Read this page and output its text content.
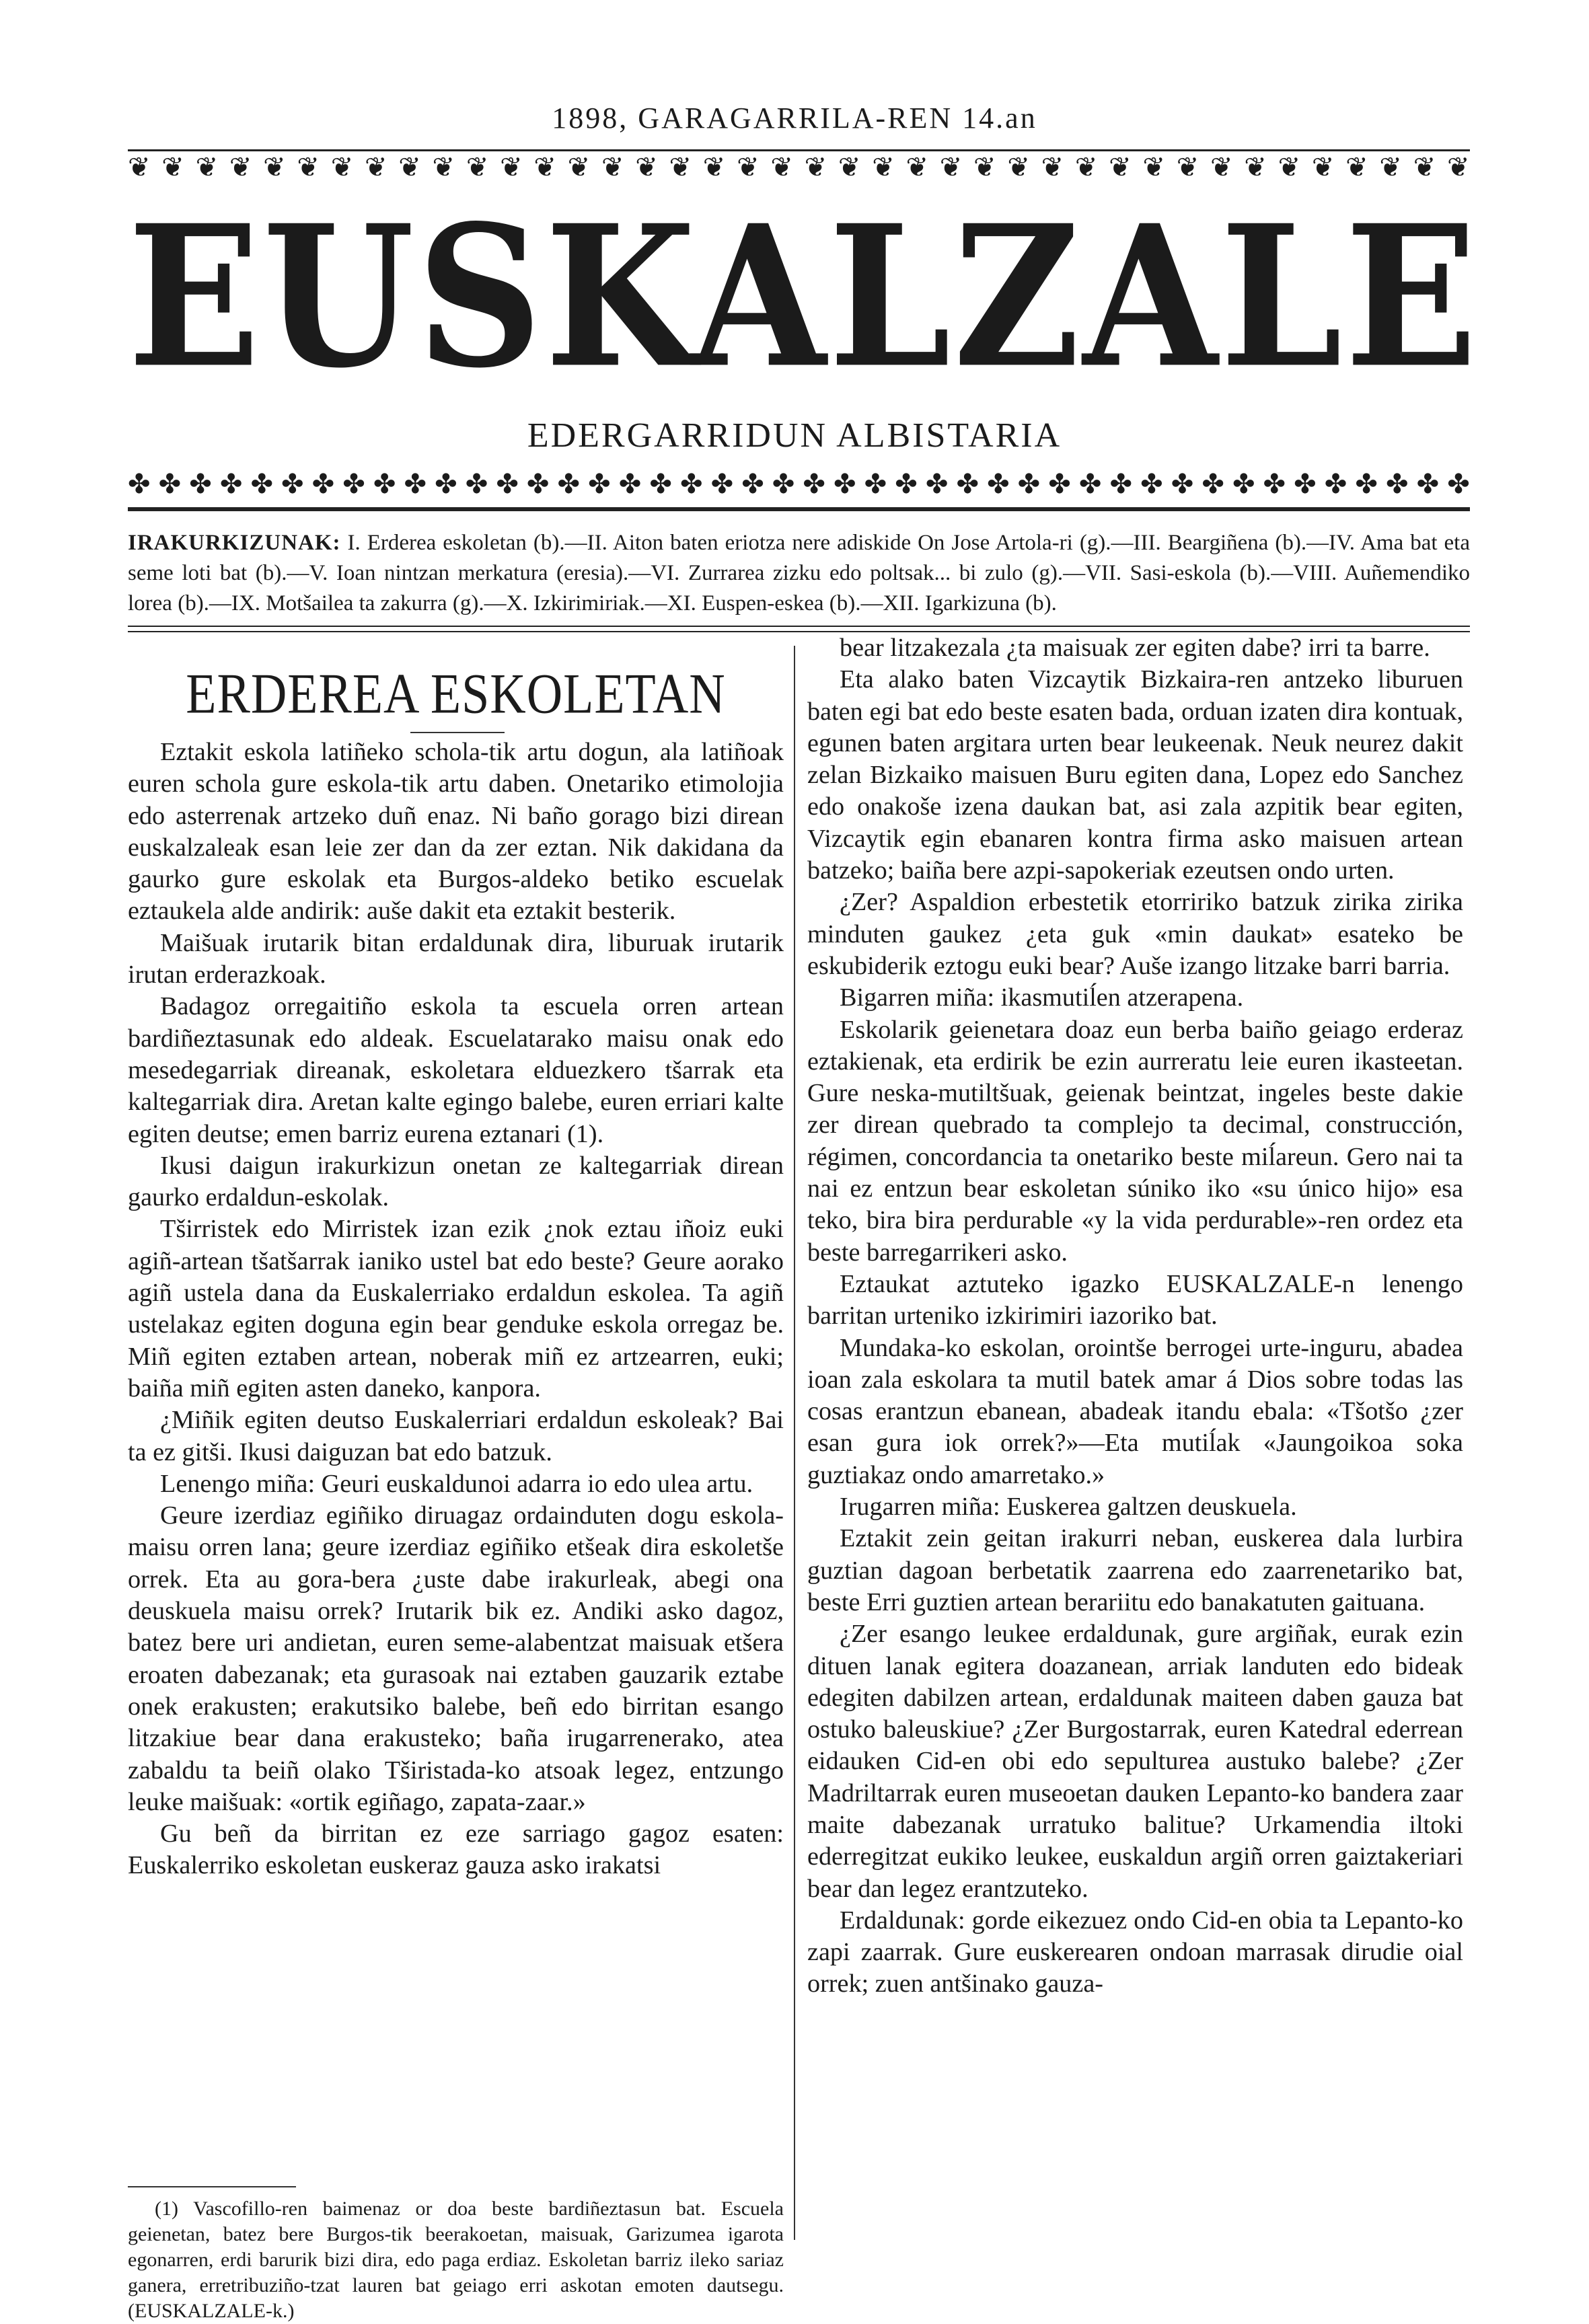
1898, GARAGARRILA-REN 14.an
❦ ❦ ❦ ❦ ❦ ❦ ❦ ❦ ❦ ❦ ❦ ❦ ❦ ❦ ❦ ❦ ❦ ❦ ❦ ❦ ❦ ❦ ❦ ❦ ❦ ❦ ❦ ❦ ❦ ❦ ❦ ❦ ❦ ❦ ❦ ❦ ❦ ❦ ❦ ❦
EUSKALZALE
EDERGARRIDUN ALBISTARIA
✤ ✤ ✤ ✤ ✤ ✤ ✤ ✤ ✤ ✤ ✤ ✤ ✤ ✤ ✤ ✤ ✤ ✤ ✤ ✤ ✤ ✤ ✤ ✤ ✤ ✤ ✤ ✤ ✤ ✤ ✤ ✤ ✤ ✤ ✤ ✤ ✤ ✤ ✤ ✤ ✤ ✤ ✤ ✤
IRAKURKIZUNAK: I. Erderea eskoletan (b).—II. Aiton baten eriotza nere adiskide On Jose Artola-ri (g).—III. Beargiñena (b).—IV. Ama bat eta seme loti bat (b).—V. Ioan nintzan merkatura (eresia).—VI. Zurrarea zizku edo poltsak... bi zulo (g).—VII. Sasi-eskola (b).—VIII. Auñemendiko lorea (b).—IX. Motšailea ta zakurra (g).—X. Izkirimiriak.—XI. Euspen-eskea (b).—XII. Igarkizuna (b).
ERDEREA ESKOLETAN

Eztakit eskola latiñeko schola-tik artu dogun, ala latiñoak euren schola gure eskola-tik artu daben. Onetariko etimolojia edo asterrenak artzeko duñ enaz. Ni baño gorago bizi direan euskalzaleak esan leie zer dan da zer eztan. Nik dakidana da gaurko gure eskolak eta Burgos-aldeko betiko escuelak eztaukela alde andirik: auše dakit eta eztakit besterik.

Maišuak irutarik bitan erdaldunak dira, liburuak irutarik irutan erderazkoak.

Badagoz orregaitiño eskola ta escuela orren artean bardiñeztasunak edo aldeak. Escuelatarako maisu onak edo mesedegarriak direanak, eskoletara elduezkero tšarrak eta kaltegarriak dira. Aretan kalte egingo balebe, euren erriari kalte egiten deutse; emen barriz eurena eztanari (1).

Ikusi daigun irakurkizun onetan ze kaltegarriak direan gaurko erdaldun-eskolak.

Tširristek edo Mirristek izan ezik ¿nok eztau iñoiz euki agiñ-artean tšatšarrak ianiko ustel bat edo beste? Geure aorako agiñ ustela dana da Euskalerriako erdaldun eskolea. Ta agiñ ustelakaz egiten doguna egin bear genduke eskola orregaz be. Miñ egiten eztaben artean, noberak miñ ez artzearren, euki; baiña miñ egiten asten daneko, kanpora.

¿Miñik egiten deutso Euskalerriari erdaldun eskoleak? Bai ta ez gitši. Ikusi daiguzan bat edo batzuk.

Lenengo miña: Geuri euskaldunoi adarra io edo ulea artu.

Geure izerdiaz egiñiko diruagaz ordainduten dogu eskola-maisu orren lana; geure izerdiaz egiñiko etšeak dira eskoletše orrek. Eta au gora-bera ¿uste dabe irakurleak, abegi ona deuskuela maisu orrek? Irutarik bik ez. Andiki asko dagoz, batez bere uri andietan, euren seme-alabentzat maisuak etšera eroaten dabezanak; eta gurasoak nai eztaben gauzarik eztabe onek erakusten; erakutsiko balebe, beñ edo birritan esango litzakiue bear dana erakusteko; baña irugarrenerako, atea zabaldu ta beiñ olako Tširistada-ko atsoak legez, entzungo leuke maišuak: «ortik egiñago, zapata-zaar.»

Gu beñ da birritan ez eze sarriago gagoz esaten: Euskalerriko eskoletan euskeraz gauza asko irakatsi

bear litzakezala ¿ta maisuak zer egiten dabe? irri ta barre.

Eta alako baten Vizcaytik Bizkaira-ren antzeko liburuen baten egi bat edo beste esaten bada, orduan izaten dira kontuak, egunen baten argitara urten bear leukeenak. Neuk neurez dakit zelan Bizkaiko maisuen Buru egiten dana, Lopez edo Sanchez edo onakoše izena daukan bat, asi zala azpitik bear egiten, Vizcaytik egin ebanaren kontra firma asko maisuen artean batzeko; baiña bere azpi-sapokeriak ezeutsen ondo urten.

¿Zer? Aspaldion erbestetik etorririko batzuk zirika zirika minduten gaukez ¿eta guk «min daukat» esateko be eskubiderik eztogu euki bear? Auše izango litzake barri barria.

Bigarren miña: ikasmutiĺen atzerapena.

Eskolarik geienetara doaz eun berba baiño geiago erderaz eztakienak, eta erdirik be ezin aurreratu leie euren ikasteetan. Gure neska-mutiltšuak, geienak beintzat, ingeles beste dakie zer direan quebrado ta complejo ta decimal, construcción, régimen, concordancia ta onetariko beste miĺareun. Gero nai ta nai ez entzun bear eskoletan súniko iko «su único hijo» esa teko, bira bira perdurable «y la vida perdurable»-ren ordez eta beste barregarrikeri asko.

Eztaukat aztuteko igazko EUSKALZALE-n lenengo barritan urteniko izkirimiri iazoriko bat.

Mundaka-ko eskolan, orointše berrogei urte-inguru, abadea ioan zala eskolara ta mutil batek amar á Dios sobre todas las cosas erantzun ebanean, abadeak itandu ebala: «Tšotšo ¿zer esan gura iok orrek?»—Eta mutiĺak «Jaungoikoa soka guztiakaz ondo amarretako.»

Irugarren miña: Euskerea galtzen deuskuela.

Eztakit zein geitan irakurri neban, euskerea dala lurbira guztian dagoan berbetatik zaarrena edo zaarrenetariko bat, beste Erri guztien artean berariitu edo banakatuten gaituana.

¿Zer esango leukee erdaldunak, gure argiñak, eurak ezin dituen lanak egitera doazanean, arriak landuten edo bideak edegiten dabilzen artean, erdaldunak maiteen daben gauza bat ostuko baleuskiue? ¿Zer Burgostarrak, euren Katedral ederrean eidauken Cid-en obi edo sepulturea austuko balebe? ¿Zer Madriltarrak euren museoetan dauken Lepanto-ko bandera zaar maite dabezanak urratuko balitue? Urkamendia iltoki ederregitzat eukiko leukee, euskaldun argiñ orren gaiztakeriari bear dan legez erantzuteko.

Erdaldunak: gorde eikezuez ondo Cid-en obia ta Lepanto-ko zapi zaarrak. Gure euskerearen ondoan marrasak dirudie oial orrek; zuen antšinako gauza-

(1) Vascofillo-ren baimenaz or doa beste bardiñeztasun bat. Escuela geienetan, batez bere Burgos-tik beerakoetan, maisuak, Garizumea igarota egonarren, erdi barurik bizi dira, edo paga erdiaz. Eskoletan barriz ileko sariaz ganera, erretribuziño-tzat lauren bat geiago erri askotan emoten dautsegu. (EUSKALZALE-k.)
